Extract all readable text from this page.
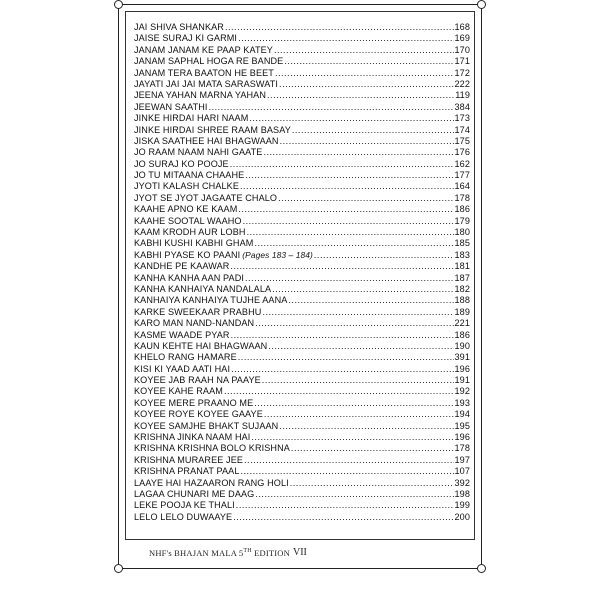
JAI SHIVA SHANKAR .....	168
JAISE SURAJ KI GARMI .....	169
JANAM JANAM KE PAAP KATEY .....	170
JANAM SAPHAL HOGA RE BANDE .....	171
JANAM TERA BAATON HE BEET .....	172
JAYATI JAI JAI MATA SARASWATI .....	222
JEENA YAHAN MARNA YAHAN .....	119
JEEWAN SAATHI .....	384
JINKE HIRDAI HARI NAAM .....	173
JINKE HIRDAI SHREE RAAM BASAY .....	174
JISKA SAATHEE HAI BHAGWAAN .....	175
JO RAAM NAAM NAHI GAATE .....	176
JO SURAJ KO POOJE .....	162
JO TU MITAANA CHAAHE .....	177
JYOTI KALASH CHALKE .....	164
JYOT SE JYOT JAGAATE CHALO .....	178
KAAHE APNO KE KAAM .....	186
KAAHE SOOTAL WAAHO .....	179
KAAM KRODH AUR LOBH .....	180
KABHI KUSHI KABHI GHAM .....	185
KABHI PYASE KO PAANI (Pages 183 – 184) .....	183
KANDHE PE KAAWAR .....	181
KANHA KANHA AAN PADI .....	187
KANHA KANHAIYA NANDALALA .....	182
KANHAIYA KANHAIYA TUJHE AANA .....	188
KARKE SWEEKAAR PRABHU .....	189
KARO MAN NAND-NANDAN .....	221
KASME WAADE PYAR .....	186
KAUN KEHTE HAI BHAGWAAN .....	190
KHELO RANG HAMARE .....	391
KISI KI YAAD AATI HAI .....	196
KOYEE JAB RAAH NA PAAYE .....	191
KOYEE KAHE RAAM .....	192
KOYEE MERE PRAANO ME .....	193
KOYEE ROYE KOYEE GAAYE .....	194
KOYEE SAMJHE BHAKT SUJAAN .....	195
KRISHNA JINKA NAAM HAI .....	196
KRISHNA KRISHNA BOLO KRISHNA .....	178
KRISHNA MURAREE JEE .....	197
KRISHNA PRANAT PAAL .....	107
LAAYE HAI HAZAARON RANG HOLI .....	392
LAGAA CHUNARI ME DAAG .....	198
LEKE POOJA KE THALI .....	199
LELO LELO DUWAAYE .....	200
NHF's BHAJAN MALA 5TH EDITION VII
